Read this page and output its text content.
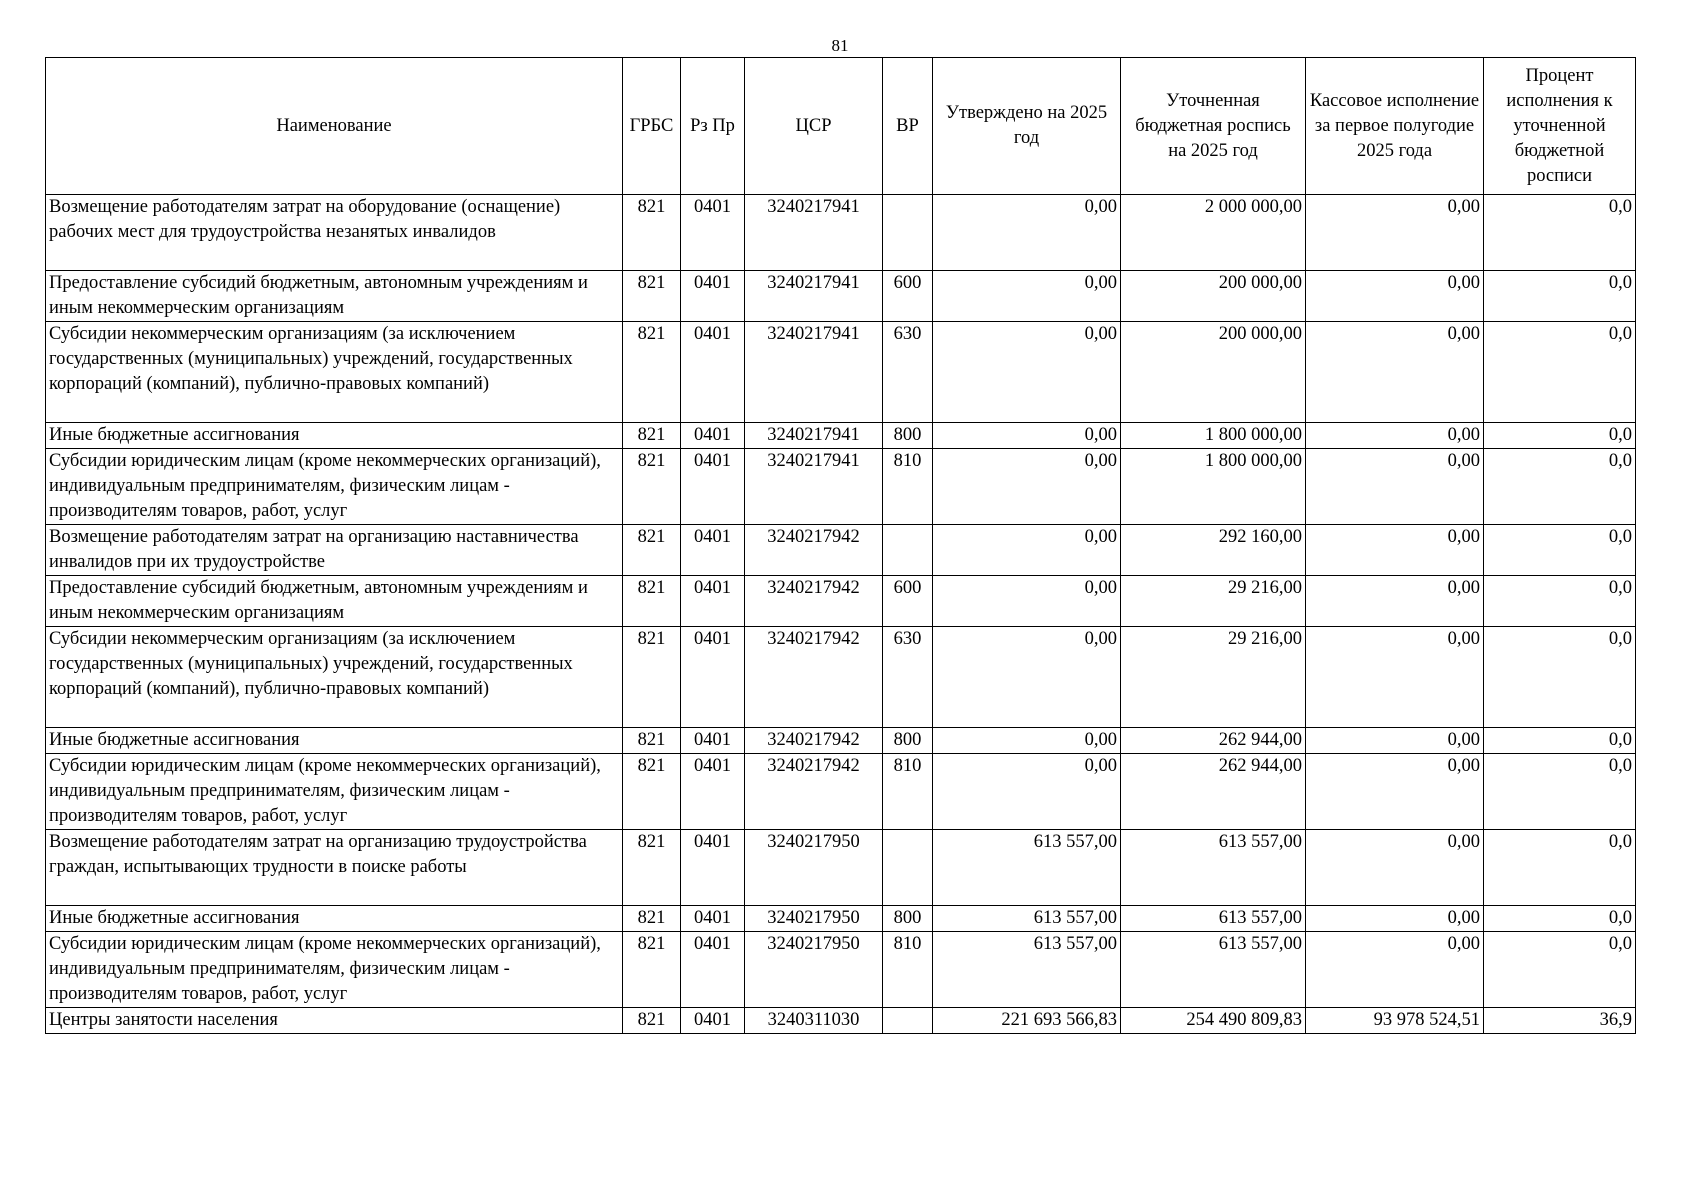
81
Наименование	ГРБС	Рз Пр	ЦСР	ВР	Утверждено на 2025 год	Уточненная бюджетная роспись на 2025 год	Кассовое исполнение за первое полугодие 2025 года	Процент исполнения к уточненной бюджетной росписи
Возмещение работодателям затрат на оборудование (оснащение) рабочих мест для трудоустройства незанятых инвалидов	821	0401	3240217941		0,00	2 000 000,00	0,00	0,0
Предоставление субсидий бюджетным, автономным учреждениям и иным некоммерческим организациям	821	0401	3240217941	600	0,00	200 000,00	0,00	0,0
Субсидии некоммерческим организациям (за исключением государственных (муниципальных) учреждений, государственных корпораций (компаний), публично-правовых компаний)	821	0401	3240217941	630	0,00	200 000,00	0,00	0,0
Иные бюджетные ассигнования	821	0401	3240217941	800	0,00	1 800 000,00	0,00	0,0
Субсидии юридическим лицам (кроме некоммерческих организаций), индивидуальным предпринимателям, физическим лицам - производителям товаров, работ, услуг	821	0401	3240217941	810	0,00	1 800 000,00	0,00	0,0
Возмещение работодателям затрат на организацию наставничества инвалидов при их трудоустройстве	821	0401	3240217942		0,00	292 160,00	0,00	0,0
Предоставление субсидий бюджетным, автономным учреждениям и иным некоммерческим организациям	821	0401	3240217942	600	0,00	29 216,00	0,00	0,0
Субсидии некоммерческим организациям (за исключением государственных (муниципальных) учреждений, государственных корпораций (компаний), публично-правовых компаний)	821	0401	3240217942	630	0,00	29 216,00	0,00	0,0
Иные бюджетные ассигнования	821	0401	3240217942	800	0,00	262 944,00	0,00	0,0
Субсидии юридическим лицам (кроме некоммерческих организаций), индивидуальным предпринимателям, физическим лицам - производителям товаров, работ, услуг	821	0401	3240217942	810	0,00	262 944,00	0,00	0,0
Возмещение работодателям затрат на организацию трудоустройства граждан, испытывающих трудности в поиске работы	821	0401	3240217950		613 557,00	613 557,00	0,00	0,0
Иные бюджетные ассигнования	821	0401	3240217950	800	613 557,00	613 557,00	0,00	0,0
Субсидии юридическим лицам (кроме некоммерческих организаций), индивидуальным предпринимателям, физическим лицам - производителям товаров, работ, услуг	821	0401	3240217950	810	613 557,00	613 557,00	0,00	0,0
Центры занятости населения	821	0401	3240311030		221 693 566,83	254 490 809,83	93 978 524,51	36,9
